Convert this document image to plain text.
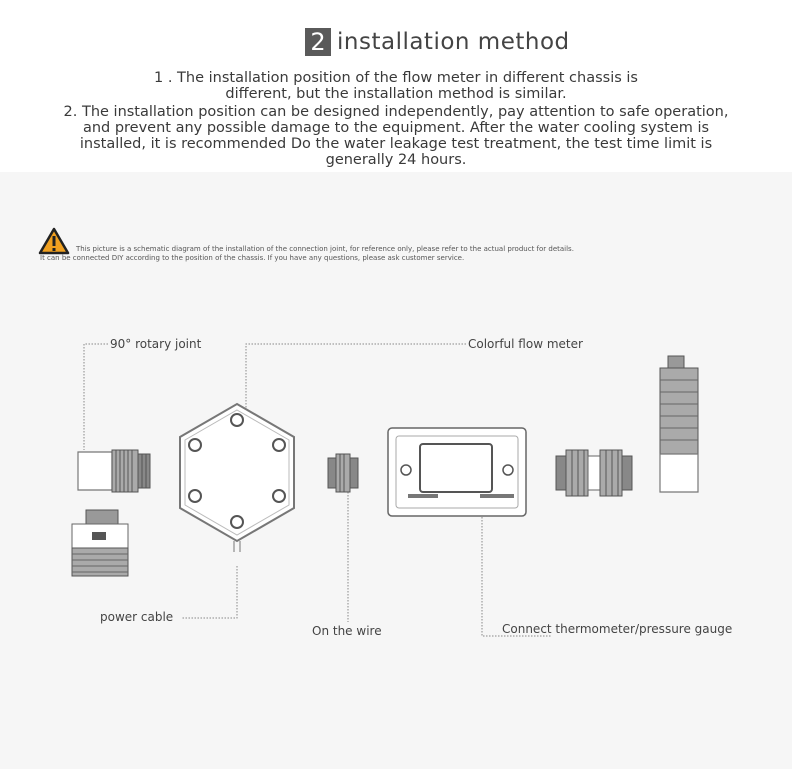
2 installation method
1 . The installation position of the flow meter in different chassis is
different, but the installation method is similar.
2. The installation position can be designed independently, pay attention to safe operation,
and prevent any possible damage to the equipment. After the water cooling system is
installed, it is recommended Do the water leakage test treatment, the test time limit is
generally 24 hours.
This picture is a schematic diagram of the installation of the connection joint, for reference only, please refer to the actual product for details.
It can be connected DIY according to the position of the chassis. If you have any questions, please ask customer service.
90° rotary joint	Colorful flow meter
power cable
On the wire	Connect thermometer/pressure gauge
